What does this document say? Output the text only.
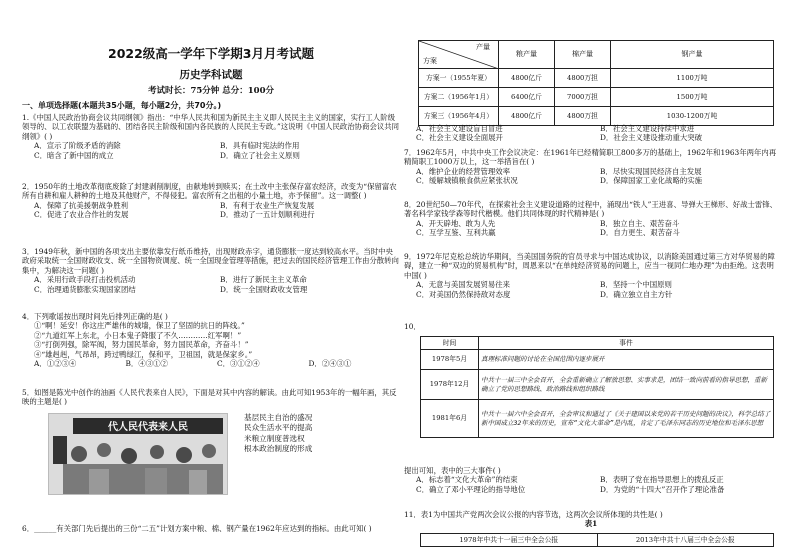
2022级高一学年下学期3月月考试题
历史学科试题
考试时长：75分钟 总分：100分
一、单项选择题(本题共35小题，每小题2分，共70分。)
1.《中国人民政治协商会议共同纲领》指出：“中华人民共和国为新民主主义即人民民主主义的国家，实行工人阶级领导的、以工农联盟为基础的、团结各民主阶级和国内各民族的人民民主专政。”这说明《中国人民政治协商会议共同纲领》( )
A．宣示了阶级矛盾的消除	B．具有临时宪法的作用
C．暗含了新中国的成立	D．确立了社会主义原则
2．1950年的土地改革彻底废除了封建剥削制度，由献地转到赎买；在土改中主张保存富农经济，改变为“保留富农所有自耕和雇人耕种的土地及其他财产，不得侵犯。富农所有之出租的小量土地，亦予保留”。这一调整( )
A．保障了抗美援朝战争胜利	B．有利于农业生产恢复发展
C．促进了农业合作社的发展	D．推动了一五计划顺利进行
3．1949年秋，新中国的各项支出主要依靠发行纸币维持，出现财政赤字，通货膨胀一度达到较高水平。当时中央政府采取统一全国财政收支、统一全国物资调度、统一全国现金管理等措施，把过去的国民经济管理工作由分散转向集中，为解决这一问题( )
A．采用行政手段打击投机活动	B．进行了新民主主义革命
C．治理通货膨胀实现国家团结	D．统一全国财政收支管理
4．下列歌谣按出现时间先后排列正确的是( )
①“啊！延安！你这庄严雄伟的城墙，保卫了坚固的抗日的阵线。”
②“九道红军上东北，小日本鬼子降服了不久…………红军啊！”
③“打倒列强，除军阀，努力国民革命，努力国民革命，齐奋斗！”
④“雄赳赳，气昂昂，跨过鸭绿江，保和平，卫祖国，就是保家乡。”
A．①②③④	B．④③①②	C．③①②④	D．②④③①
5．如图是陈光中创作的油画《人民代表来自人民》，下面是对其中内容的解读。由此可知1953年的一幅年画，其反映的主题是( )
代人民代表来人民
基层民主自治的盛况
民众生活水平的提高
米粮立制度普选权
根本政治制度的形成
6．______有关部门先后提出的三份“二五”计划方案中粮、棉、钢产量在1962年应达到的指标。由此可知( )
产量
方案	粮产量	棉产量	钢产量
方案一（1955年夏）	4800亿斤	4800万担	1100万吨
方案二（1956年1月）	6400亿斤	7000万担	1500万吨
方案三（1956年4月）	4800亿斤	4800万担	1030-1200万吨
A．社会主义建设盲目冒进	B．社会主义建设持续中求进
C．社会主义建设全面展开	D．社会主义建设推动重大突破
7．1962年5月，中共中央工作会议决定：在1961年已经精简职工800多万的基础上，1962年和1963年两年内再精简职工1000万以上，这一举措旨在( )
A．维护企业的经营管理效率	B．尽快实现国民经济自主发展
C．缓解城镇粮食供应紧张状况	D．保障国家工业化战略的实施
8．20世纪50—70年代，在探索社会主义建设道路的过程中，涌现出“铁人”王进喜、导弹大王梯形、好战士雷锋、著名科学家钱学森等时代楷模。他们共同体现的时代精神是( )
A．开天辟地、敢为人先	B．独立自主、艰苦奋斗
C．互学互鉴、互利共赢	D．自力更生、艰苦奋斗
9．1972年尼克松总统访华期间，当美国国务院的官员寻求与中国达成协议，以消除美国通过第三方对华贸易的障碍，建立一种“双边的贸易机构”时，周恩来以“在单纯经济贸易的问题上，应当一视同仁地办理”为由拒绝。这表明中国( )
A．无意与美国发展贸易往来	B．坚持一个中国原则
C．对美国仍然保持敌对态度	D．确立独立自主方针
10．
时间	事件
1978年5月	真理标准问题的讨论在全国范围内逐步展开
1978年12月	中共十一届三中全会召开，全会重新确立了解放思想、实事求是，团结一致向前看的指导思想，重新确立了党的思想路线、政治路线和组织路线
1981年6月	中共十一届六中全会召开，全会审议和通过了《关于建国以来党的若干历史问题的决议》，科学总结了新中国成立32年来的历史，宣布“文化大革命”是内乱，肯定了毛泽东同志的历史地位和毛泽东思想
提出可知，表中的三大事件( )
A．标志着“文化大革命”的结束	B．表明了党在指导思想上的拨乱反正
C．确立了邓小平理论的指导地位	D．为党的“十四大”召开作了理论准备
11．表1为中国共产党两次会议公报的内容节选，这两次会议所体现的共性是( )
表1
1978年中共十一届三中全会公报	2013年中共十八届三中全会公报
